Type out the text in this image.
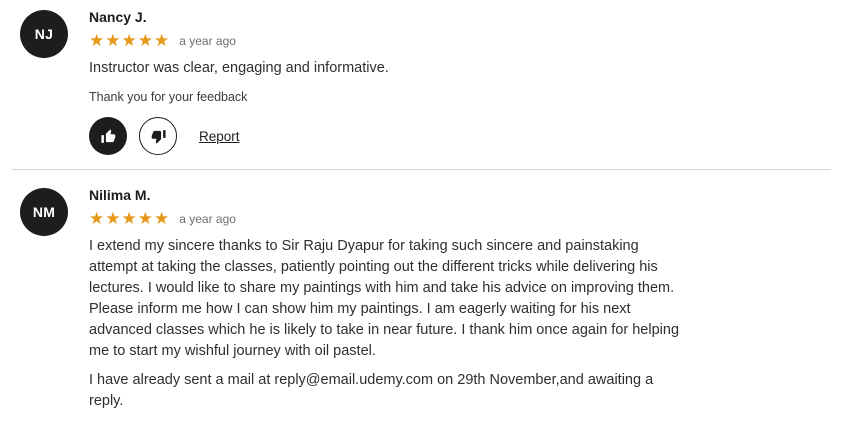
NJ
Nancy J.
★ ★ ★ ★ ★ a year ago

Instructor was clear, engaging and informative.

Thank you for your feedback
Report
NM
Nilima M.
★ ★ ★ ★ ★ a year ago

I extend my sincere thanks to Sir Raju Dyapur for taking such sincere and painstaking attempt at taking the classes, patiently pointing out the different tricks while delivering his lectures. I would like to share my paintings with him and take his advice on improving them. Please inform me how I can show him my paintings. I am eagerly waiting for his next advanced classes which he is likely to take in near future. I thank him once again for helping me to start my wishful journey with oil pastel.

I have already sent a mail at reply@email.udemy.com on 29th November,and awaiting a reply.
